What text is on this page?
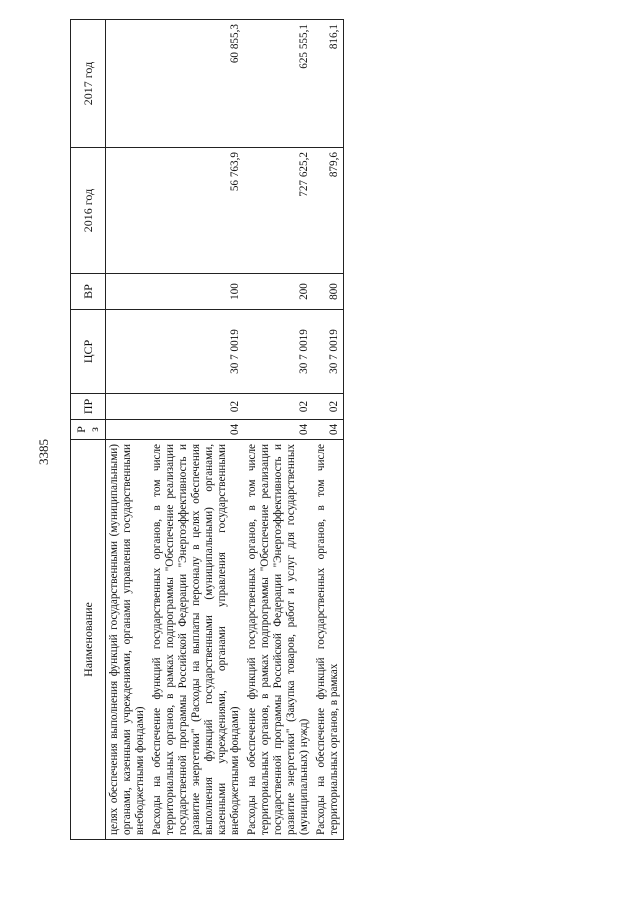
3385
Наименование	Рз	ПР	ЦСР	ВР	2016 год	2017 год
целях обеспечения выполнения функций государственными (муниципальными) органами, казенными учреждениями, органами управления государственными внебюджетными фондами)						
Расходы на обеспечение функций государственных органов, в том числе территориальных органов, в рамках подпрограммы "Обеспечение реализации государственной программы Российской Федерации "Энергоэффективность и развитие энергетики" (Расходы на выплаты персоналу в целях обеспечения выполнения функций государственными (муниципальными) органами, казенными учреждениями, органами управления государственными внебюджетными фондами)	04	02	30 7 0019	100	56 763,9	60 855,3
Расходы на обеспечение функций государственных органов, в том числе территориальных органов, в рамках подпрограммы "Обеспечение реализации государственной программы Российской Федерации "Энергоэффективность и развитие энергетики" (Закупка товаров, работ и услуг для государственных (муниципальных) нужд)	04	02	30 7 0019	200	727 625,2	625 555,1
Расходы на обеспечение функций государственных органов, в том числе территориальных органов, в рамках	04	02	30 7 0019	800	879,6	816,1
